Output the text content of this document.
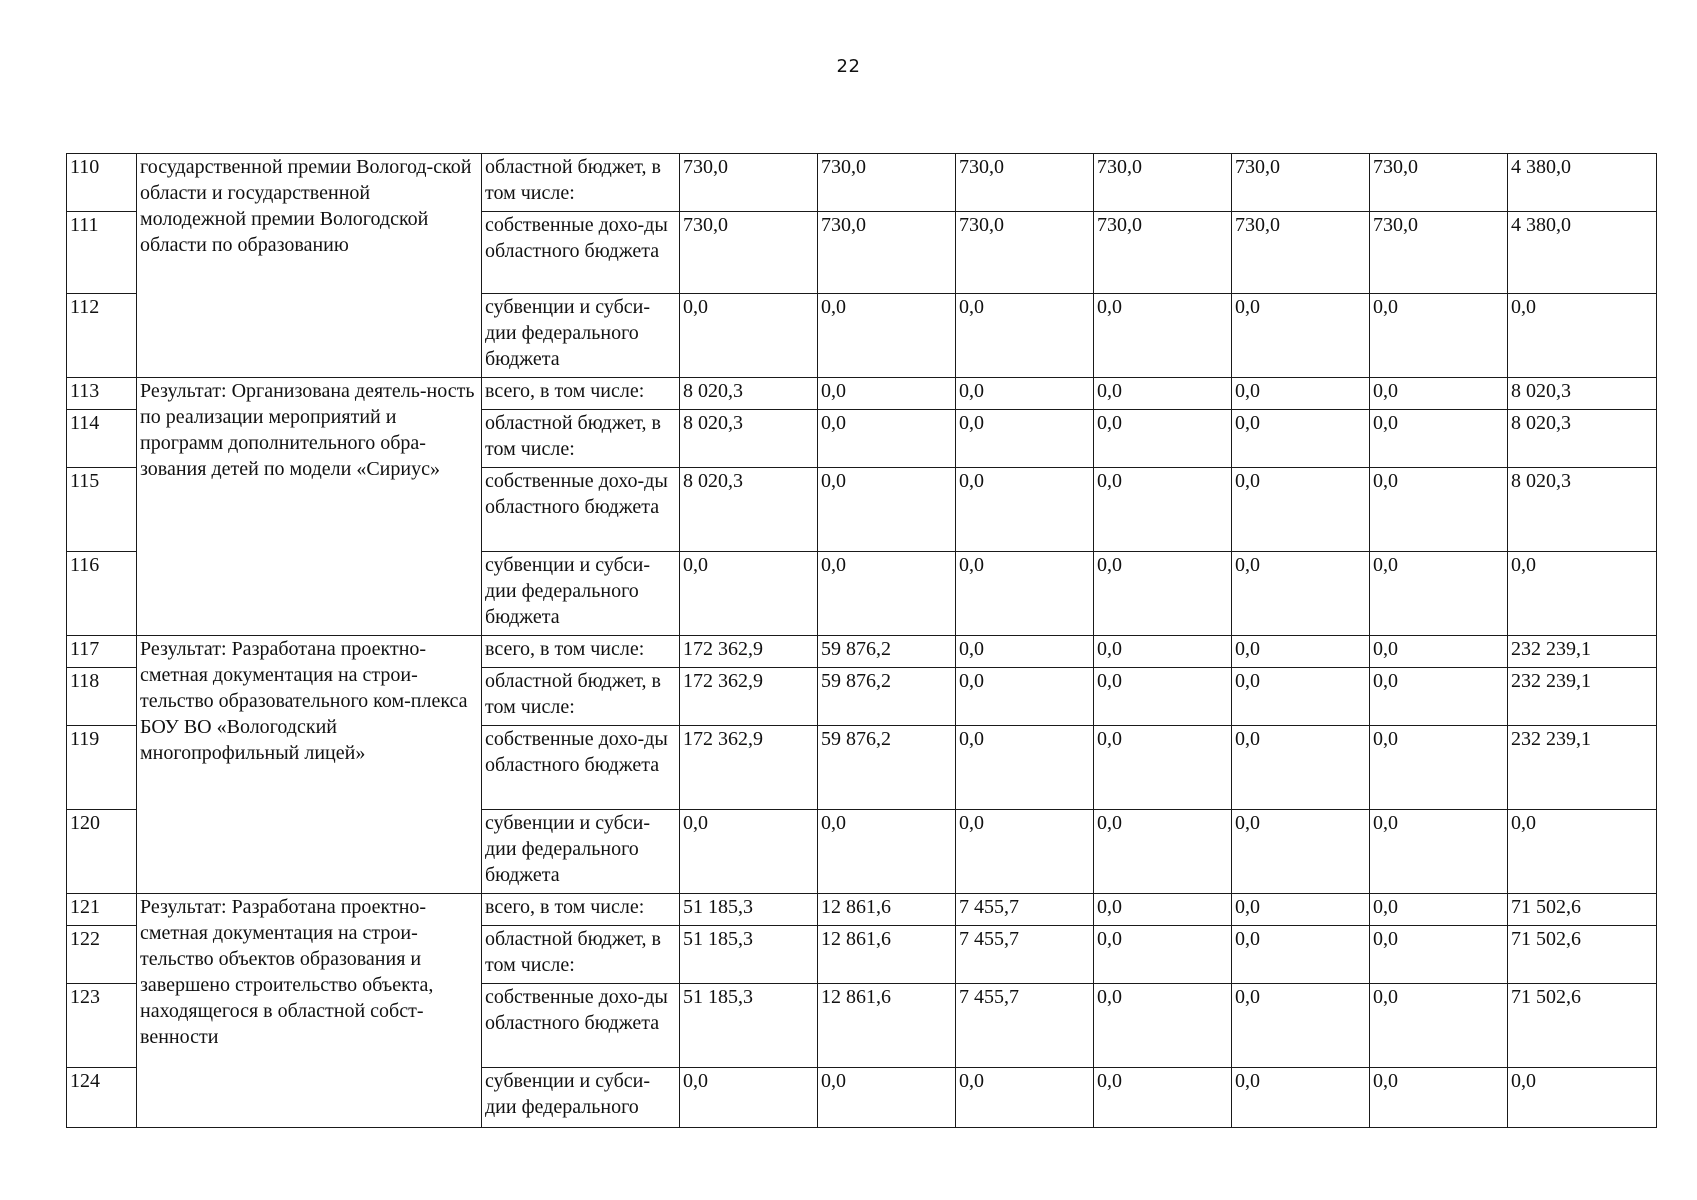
22
110	государственной премии Вологод-ской области и государственной молодежной премии Вологодской области по образованию	областной бюджет, в том числе:	730,0	730,0	730,0	730,0	730,0	730,0	4 380,0
111		собственные дохо-ды областного бюджета	730,0	730,0	730,0	730,0	730,0	730,0	4 380,0
112		субвенции и субси-дии федерального бюджета	0,0	0,0	0,0	0,0	0,0	0,0	0,0
113	Результат: Организована деятель-ность по реализации мероприятий и программ дополнительного обра-зования детей по модели «Сириус»	всего, в том числе:	8 020,3	0,0	0,0	0,0	0,0	0,0	8 020,3
114		областной бюджет, в том числе:	8 020,3	0,0	0,0	0,0	0,0	0,0	8 020,3
115		собственные дохо-ды областного бюджета	8 020,3	0,0	0,0	0,0	0,0	0,0	8 020,3
116		субвенции и субси-дии федерального бюджета	0,0	0,0	0,0	0,0	0,0	0,0	0,0
117	Результат: Разработана проектно-сметная документация на строи-тельство образовательного ком-плекса БОУ ВО «Вологодский многопрофильный лицей»	всего, в том числе:	172 362,9	59 876,2	0,0	0,0	0,0	0,0	232 239,1
118		областной бюджет, в том числе:	172 362,9	59 876,2	0,0	0,0	0,0	0,0	232 239,1
119		собственные дохо-ды областного бюджета	172 362,9	59 876,2	0,0	0,0	0,0	0,0	232 239,1
120		субвенции и субси-дии федерального бюджета	0,0	0,0	0,0	0,0	0,0	0,0	0,0
121	Результат: Разработана проектно-сметная документация на строи-тельство объектов образования и завершено строительство объекта, находящегося в областной собст-венности	всего, в том числе:	51 185,3	12 861,6	7 455,7	0,0	0,0	0,0	71 502,6
122		областной бюджет, в том числе:	51 185,3	12 861,6	7 455,7	0,0	0,0	0,0	71 502,6
123		собственные дохо-ды областного бюджета	51 185,3	12 861,6	7 455,7	0,0	0,0	0,0	71 502,6
124		субвенции и субси-дии федерального	0,0	0,0	0,0	0,0	0,0	0,0	0,0
